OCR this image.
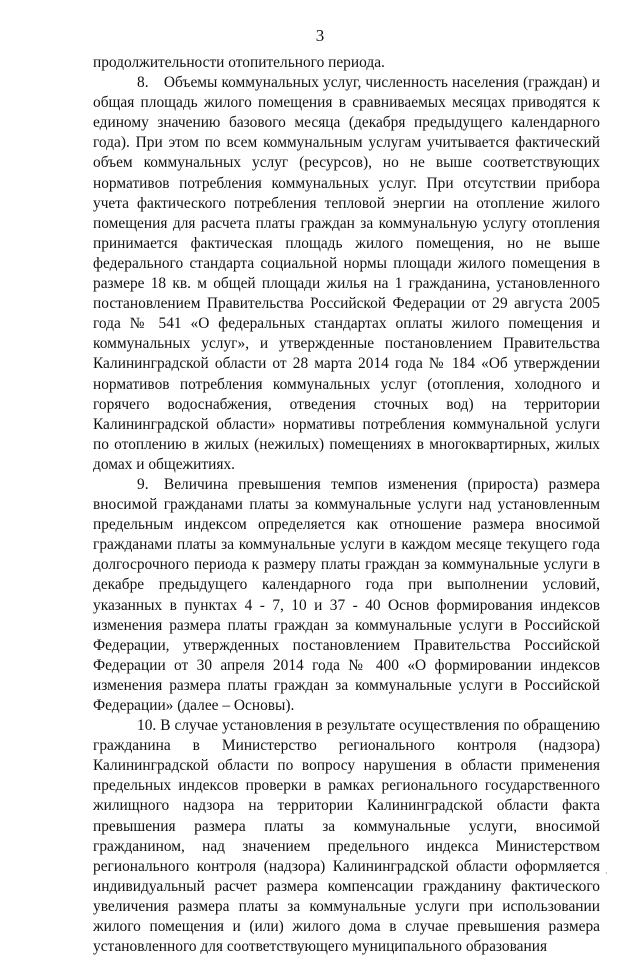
3

продолжительности отопительного периода.

8. Объемы коммунальных услуг, численность населения (граждан) и общая площадь жилого помещения в сравниваемых месяцах приводятся к единому значению базового месяца (декабря предыдущего календарного года). При этом по всем коммунальным услугам учитывается фактический объем коммунальных услуг (ресурсов), но не выше соответствующих нормативов потребления коммунальных услуг. При отсутствии прибора учета фактического потребления тепловой энергии на отопление жилого помещения для расчета платы граждан за коммунальную услугу отопления принимается фактическая площадь жилого помещения, но не выше федерального стандарта социальной нормы площади жилого помещения в размере 18 кв. м общей площади жилья на 1 гражданина, установленного постановлением Правительства Российской Федерации от 29 августа 2005 года № 541 «О федеральных стандартах оплаты жилого помещения и коммунальных услуг», и утвержденные постановлением Правительства Калининградской области от 28 марта 2014 года № 184 «Об утверждении нормативов потребления коммунальных услуг (отопления, холодного и горячего водоснабжения, отведения сточных вод) на территории Калининградской области» нормативы потребления коммунальной услуги по отоплению в жилых (нежилых) помещениях в многоквартирных, жилых домах и общежитиях.

9. Величина превышения темпов изменения (прироста) размера вносимой гражданами платы за коммунальные услуги над установленным предельным индексом определяется как отношение размера вносимой гражданами платы за коммунальные услуги в каждом месяце текущего года долгосрочного периода к размеру платы граждан за коммунальные услуги в декабре предыдущего календарного года при выполнении условий, указанных в пунктах 4 - 7, 10 и 37 - 40 Основ формирования индексов изменения размера платы граждан за коммунальные услуги в Российской Федерации, утвержденных постановлением Правительства Российской Федерации от 30 апреля 2014 года № 400 «О формировании индексов изменения размера платы граждан за коммунальные услуги в Российской Федерации» (далее – Основы).

10. В случае установления в результате осуществления по обращению гражданина в Министерство регионального контроля (надзора) Калининградской области по вопросу нарушения в области применения предельных индексов проверки в рамках регионального государственного жилищного надзора на территории Калининградской области факта превышения размера платы за коммунальные услуги, вносимой гражданином, над значением предельного индекса Министерством регионального контроля (надзора) Калининградской области оформляется индивидуальный расчет размера компенсации гражданину фактического увеличения размера платы за коммунальные услуги при использовании жилого помещения и (или) жилого дома в случае превышения размера установленного для соответствующего муниципального образования

·
